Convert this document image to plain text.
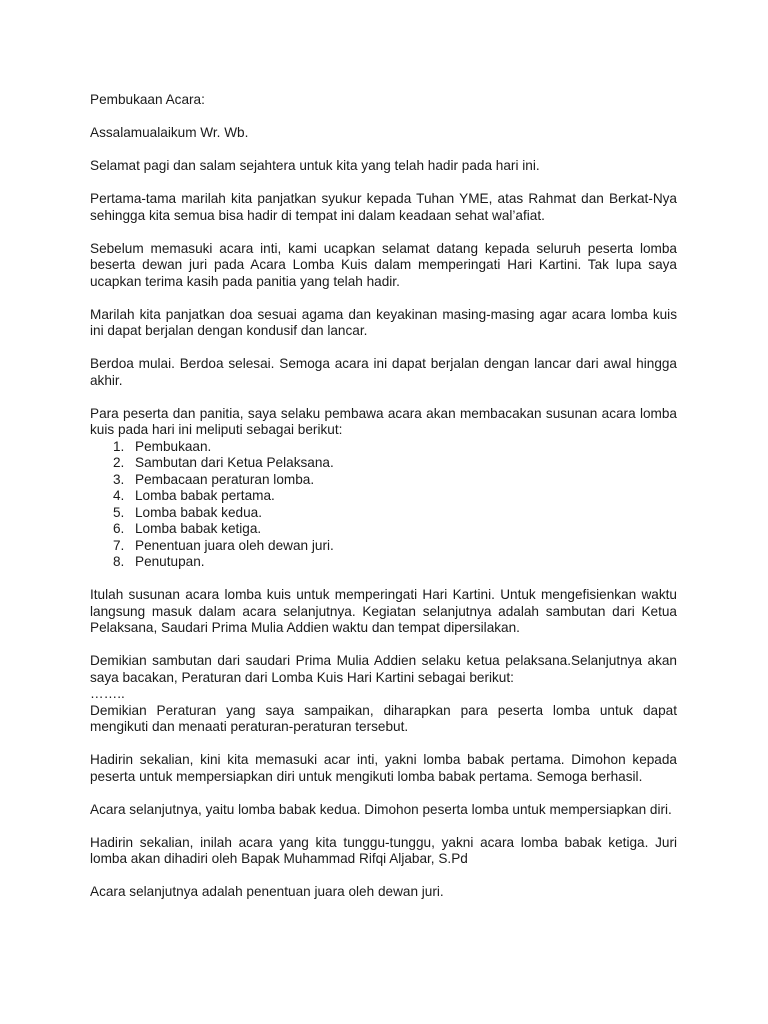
Pembukaan Acara:

Assalamualaikum Wr. Wb.

Selamat pagi dan salam sejahtera untuk kita yang telah hadir pada hari ini.

Pertama-tama marilah kita panjatkan syukur kepada Tuhan YME, atas Rahmat dan Berkat-Nya sehingga kita semua bisa hadir di tempat ini dalam keadaan sehat wal’afiat.

Sebelum memasuki acara inti, kami ucapkan selamat datang kepada seluruh peserta lomba beserta dewan juri pada Acara Lomba Kuis dalam memperingati Hari Kartini. Tak lupa saya ucapkan terima kasih pada panitia yang telah hadir.

Marilah kita panjatkan doa sesuai agama dan keyakinan masing-masing agar acara lomba kuis ini dapat berjalan dengan kondusif dan lancar.

Berdoa mulai. Berdoa selesai. Semoga acara ini dapat berjalan dengan lancar dari awal hingga akhir.

Para peserta dan panitia, saya selaku pembawa acara akan membacakan susunan acara lomba kuis pada hari ini meliputi sebagai berikut:

1. Pembukaan.
2. Sambutan dari Ketua Pelaksana.
3. Pembacaan peraturan lomba.
4. Lomba babak pertama.
5. Lomba babak kedua.
6. Lomba babak ketiga.
7. Penentuan juara oleh dewan juri.
8. Penutupan.

Itulah susunan acara lomba kuis untuk memperingati Hari Kartini. Untuk mengefisienkan waktu langsung masuk dalam acara selanjutnya. Kegiatan selanjutnya adalah sambutan dari Ketua Pelaksana, Saudari Prima Mulia Addien waktu dan tempat dipersilakan.

Demikian sambutan dari saudari Prima Mulia Addien selaku ketua pelaksana.Selanjutnya akan saya bacakan, Peraturan dari Lomba Kuis Hari Kartini sebagai berikut:

……..

Demikian Peraturan yang saya sampaikan, diharapkan para peserta lomba untuk dapat mengikuti dan menaati peraturan-peraturan tersebut.

Hadirin sekalian, kini kita memasuki acar inti, yakni lomba babak pertama. Dimohon kepada peserta untuk mempersiapkan diri untuk mengikuti lomba babak pertama. Semoga berhasil.

Acara selanjutnya, yaitu lomba babak kedua. Dimohon peserta lomba untuk mempersiapkan diri.

Hadirin sekalian, inilah acara yang kita tunggu-tunggu, yakni acara lomba babak ketiga. Juri lomba akan dihadiri oleh Bapak Muhammad Rifqi Aljabar, S.Pd

Acara selanjutnya adalah penentuan juara oleh dewan juri.
